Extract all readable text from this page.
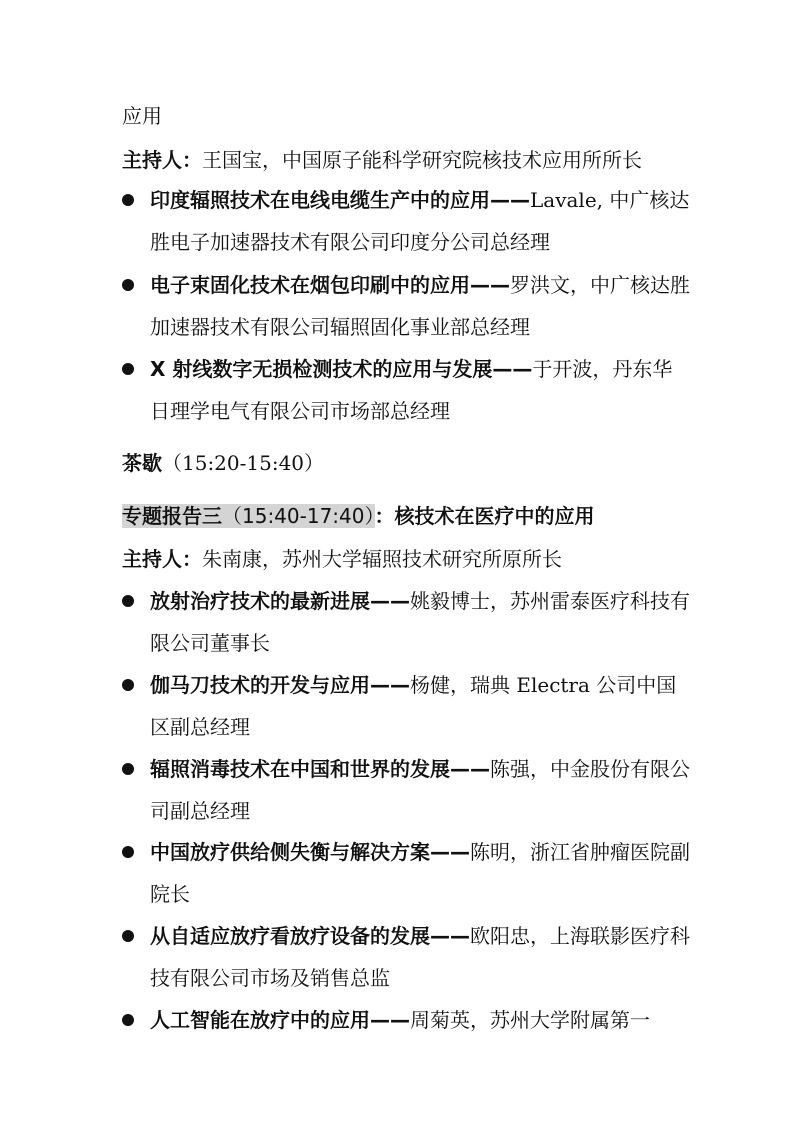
应用
主持人：王国宝，中国原子能科学研究院核技术应用所所长
印度辐照技术在电线电缆生产中的应用——Lavale, 中广核达胜电子加速器技术有限公司印度分公司总经理
电子束固化技术在烟包印刷中的应用——罗洪文，中广核达胜加速器技术有限公司辐照固化事业部总经理
X 射线数字无损检测技术的应用与发展——于开波，丹东华日理学电气有限公司市场部总经理
茶歇（15:20-15:40）
专题报告三（15:40-17:40）：核技术在医疗中的应用
主持人：朱南康，苏州大学辐照技术研究所原所长
放射治疗技术的最新进展——姚毅博士，苏州雷泰医疗科技有限公司董事长
伽马刀技术的开发与应用——杨健，瑞典 Electra 公司中国区副总经理
辐照消毒技术在中国和世界的发展——陈强，中金股份有限公司副总经理
中国放疗供给侧失衡与解决方案——陈明，浙江省肿瘤医院副院长
从自适应放疗看放疗设备的发展——欧阳忠，上海联影医疗科技有限公司市场及销售总监
人工智能在放疗中的应用——周菊英，苏州大学附属第一
